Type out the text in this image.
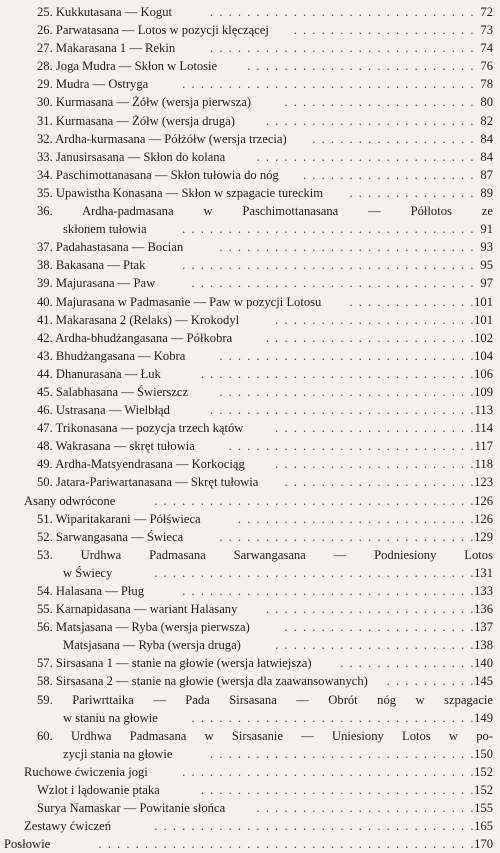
25. Kukkutasana — Kogut	72
. . . . . . . . . . . . . . . . . . . . . . . . . . . . .
26. Parwatasana — Lotos w pozycji klęczącej	73
. . . . . . . . . . . . . . . . . . . .
27. Makarasana 1 — Rekin	74
. . . . . . . . . . . . . . . . . . . . . . . . . . . . .
28. Joga Mudra — Skłon w Lotosie	76
. . . . . . . . . . . . . . . . . . . . . . . . .
29. Mudra — Ostryga	78
. . . . . . . . . . . . . . . . . . . . . . . . . . . . . . . .
30. Kurmasana — Żółw (wersja pierwsza)	80
. . . . . . . . . . . . . . . . . . . . .
31. Kurmasana — Żółw (wersja druga)	82
. . . . . . . . . . . . . . . . . . . . . . .
32. Ardha-kurmasana — Półżółw (wersja trzecia)	84
. . . . . . . . . . . . . . . . . .
33. Janusirsasana — Skłon do kolana	84
. . . . . . . . . . . . . . . . . . . . . . . .
34. Paschimottanasana — Skłon tułowia do nóg	87
. . . . . . . . . . . . . . . . . . .
35. Upawistha Konasana — Skłon w szpagacie tureckim	89
. . . . . . . . . . . . . .
36. Ardha-padmasana w Paschimottanasana — Półlotos ze
skłonem tułowia	91
. . . . . . . . . . . . . . . . . . . . . . . . . . . . . . . .
37. Padahastasana — Bocian	93
. . . . . . . . . . . . . . . . . . . . . . . . . . . .
38. Bakasana — Ptak	95
. . . . . . . . . . . . . . . . . . . . . . . . . . . . . . . .
39. Majurasana — Paw	97
. . . . . . . . . . . . . . . . . . . . . . . . . . . . . . .
40. Majurasana w Padmasanie — Paw w pozycji Lotosu	101
. . . . . . . . . . . . . .
41. Makarasana 2 (Relaks) — Krokodyl	101
. . . . . . . . . . . . . . . . . . . . . .
42. Ardha-bhudżangasana — Półkobra	102
. . . . . . . . . . . . . . . . . . . . . . .
43. Bhudżangasana — Kobra	104
. . . . . . . . . . . . . . . . . . . . . . . . . . . .
44. Dhanurasana — Łuk	106
. . . . . . . . . . . . . . . . . . . . . . . . . . . . . .
45. Salabhasana — Świerszcz	109
. . . . . . . . . . . . . . . . . . . . . . . . . . . .
46. Ustrasana — Wielbłąd	113
. . . . . . . . . . . . . . . . . . . . . . . . . . . . .
47. Trikonasana — pozycja trzech kątów	114
. . . . . . . . . . . . . . . . . . . . . .
48. Wakrasana — skręt tułowia	117
. . . . . . . . . . . . . . . . . . . . . . . . . . .
49. Ardha-Matsyendrasana — Korkociąg	118
. . . . . . . . . . . . . . . . . . . . . .
50. Jatara-Pariwartanasana — Skręt tułowia	123
. . . . . . . . . . . . . . . . . . . . .
Asany odwrócone	126
. . . . . . . . . . . . . . . . . . . . . . . . . . . . . . . . . . .
51. Wiparitakarani — Półświeca	126
. . . . . . . . . . . . . . . . . . . . . . . . . .
52. Sarwangasana — Świeca	129
. . . . . . . . . . . . . . . . . . . . . . . . . . . .
53. Urdhwa Padmasana Sarwangasana — Podniesiony Lotos
w Świecy	131
. . . . . . . . . . . . . . . . . . . . . . . . . . . . . . . . . . .
54. Halasana — Pług	133
. . . . . . . . . . . . . . . . . . . . . . . . . . . . . . . .
55. Karnapidasana — wariant Halasany	136
. . . . . . . . . . . . . . . . . . . . . . .
56. Matsjasana — Ryba (wersja pierwsza)	137
. . . . . . . . . . . . . . . . . . . . .
Matsjasana — Ryba (wersja druga)	138
. . . . . . . . . . . . . . . . . . . . . .
57. Sirsasana 1 — stanie na głowie (wersja łatwiejsza)	140
. . . . . . . . . . . . . . .
58. Sirsasana 2 — stanie na głowie (wersja dla zaawansowanych)	145
. . . . . . . . . .
59. Pariwrttaika — Pada Sirsasana — Obrót nóg w szpagacie
w staniu na głowie	149
. . . . . . . . . . . . . . . . . . . . . . . . . . . . . . .
60. Urdhwa Padmasana w Sirsasanie — Uniesiony Lotos w po-
zycji stania na głowie	150
. . . . . . . . . . . . . . . . . . . . . . . . . . . . .
Ruchowe ćwiczenia jogi	152
. . . . . . . . . . . . . . . . . . . . . . . . . . . . . . . .
Wzlot i lądowanie ptaka	152
. . . . . . . . . . . . . . . . . . . . . . . . . . . . . .
Surya Namaskar — Powitanie słońca	155
. . . . . . . . . . . . . . . . . . . . . . . .
Zestawy ćwiczeń	165
. . . . . . . . . . . . . . . . . . . . . . . . . . . . . . . . . . .
Posłowie	170
. . . . . . . . . . . . . . . . . . . . . . . . . . . . . . . . . . . . . . . . .
